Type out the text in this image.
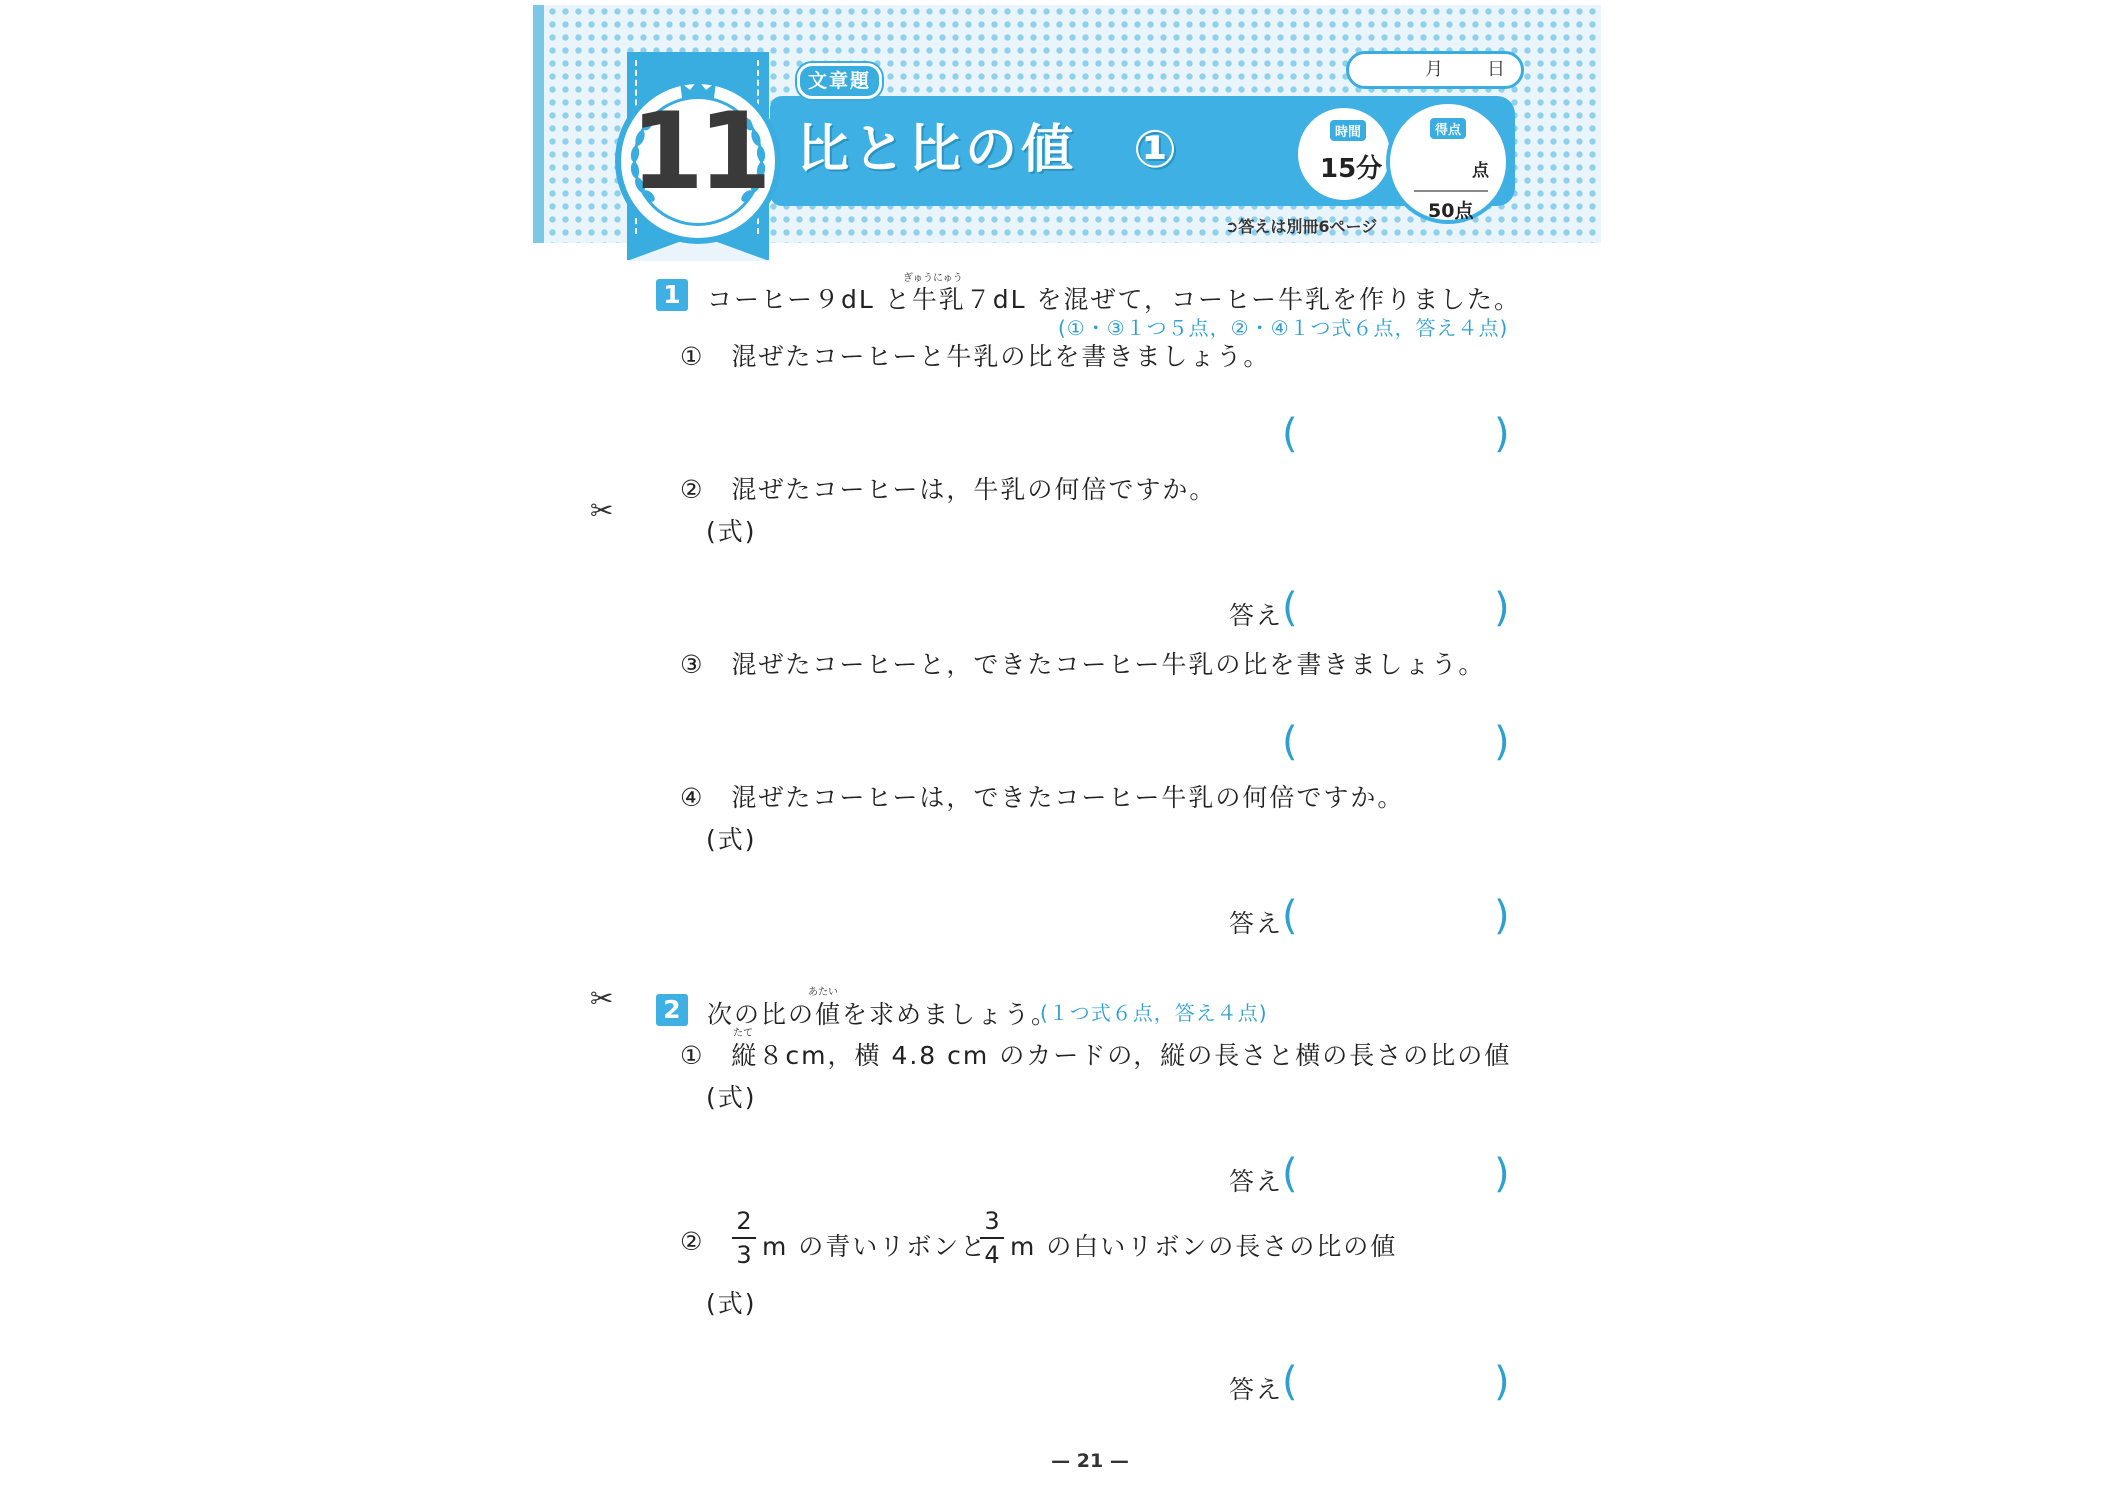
11
文章題
比と比の値　①
月 日
時間
15分
得点
点
50点
➲答えは別冊6ページ
1
ぎゅうにゅう
コーヒー９dL と牛乳７dL を混ぜて，コーヒー牛乳を作りました。
(①・③１つ５点，②・④１つ式６点，答え４点)
①　混ぜたコーヒーと牛乳の比を書きましょう。
(	)
②　混ぜたコーヒーは，牛乳の何倍ですか。
(式)
答え
(	)
③　混ぜたコーヒーと，できたコーヒー牛乳の比を書きましょう。
(	)
④　混ぜたコーヒーは，できたコーヒー牛乳の何倍ですか。
(式)
答え
(	)
✂
✂ 2
あたい
次の比の値を求めましょう。
(１つ式６点，答え４点)
たて
①　縦８cm，横 4.8 cm のカードの，縦の長さと横の長さの比の値
(式)
答え
(	)
②
2
3 m の青いリボンと
3
4 m の白いリボンの長さの比の値
(式)
答え
(	)
— 21 —
